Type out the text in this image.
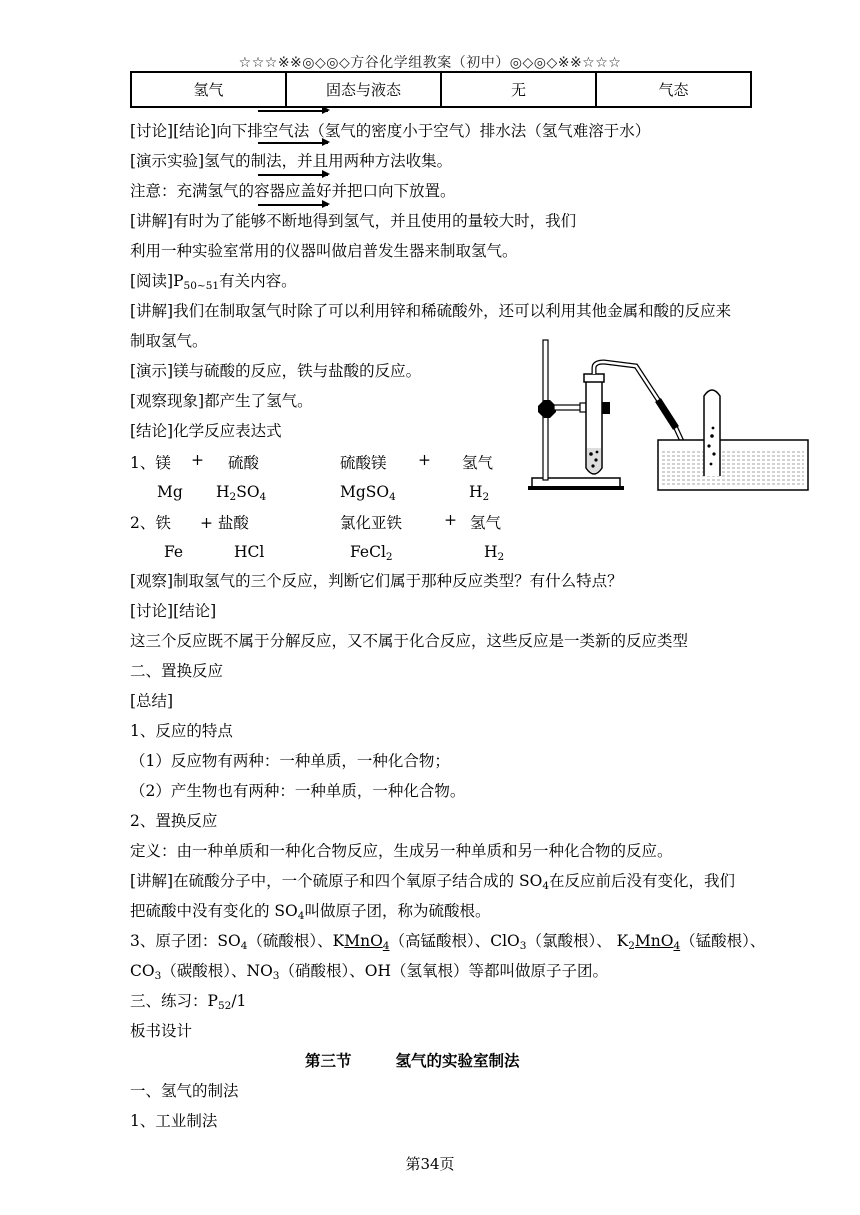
☆☆☆※※◎◇◎◇方谷化学组教案（初中）◎◇◎◇※※☆☆☆
氢气	固态与液态	无	气态
[讨论][结论]向下排空气法（氢气的密度小于空气）排水法（氢气难溶于水）
[演示实验]氢气的制法，并且用两种方法收集。
注意：充满氢气的容器应盖好并把口向下放置。
[讲解]有时为了能够不断地得到氢气，并且使用的量较大时，我们
利用一种实验室常用的仪器叫做启普发生器来制取氢气。
[阅读]$P_{50\sim 51}$有关内容。
[讲解]我们在制取氢气时除了可以利用锌和稀硫酸外，还可以利用其他金属和酸的反应来
制取氢气。
[演示]镁与硫酸的反应，铁与盐酸的反应。
[观察现象]都产生了氢气。
[结论]化学反应表达式
1、镁 + 硫酸	硫酸镁 + 氢气
Mg $H_2SO_4$	MgSO$_4$	$H_2$
2、铁 + 盐酸	氯化亚铁	+ 氢气
Fe	HCl	FeCl$_2$	$H_2$
[观察]制取氢气的三个反应，判断它们属于那种反应类型？有什么特点？
[讨论][结论]
这三个反应既不属于分解反应，又不属于化合反应，这些反应是一类新的反应类型
二、置换反应
[总结]
1、反应的特点
（1）反应物有两种：一种单质，一种化合物；
（2）产生物也有两种：一种单质，一种化合物。
2、置换反应
定义：由一种单质和一种化合物反应，生成另一种单质和另一种化合物的反应。
[讲解]在硫酸分子中，一个硫原子和四个氧原子结合成的 $SO_4$在反应前后没有变化，我们
把硫酸中没有变化的 $SO_4$叫做原子团，称为硫酸根。
3、原子团：$SO_4$（硫酸根）、KMnO$_4$（高锰酸根）、ClO$_3$（氯酸根）、 $K_2MnO_4$（锰酸根）、
$CO_3$（碳酸根）、$NO_3$（硝酸根）、OH（氢氧根）等都叫做原子子团。
三、练习：$P_{52}/1$
板书设计
第三节	氢气的实验室制法
一、氢气的制法
1、工业制法
第34页
